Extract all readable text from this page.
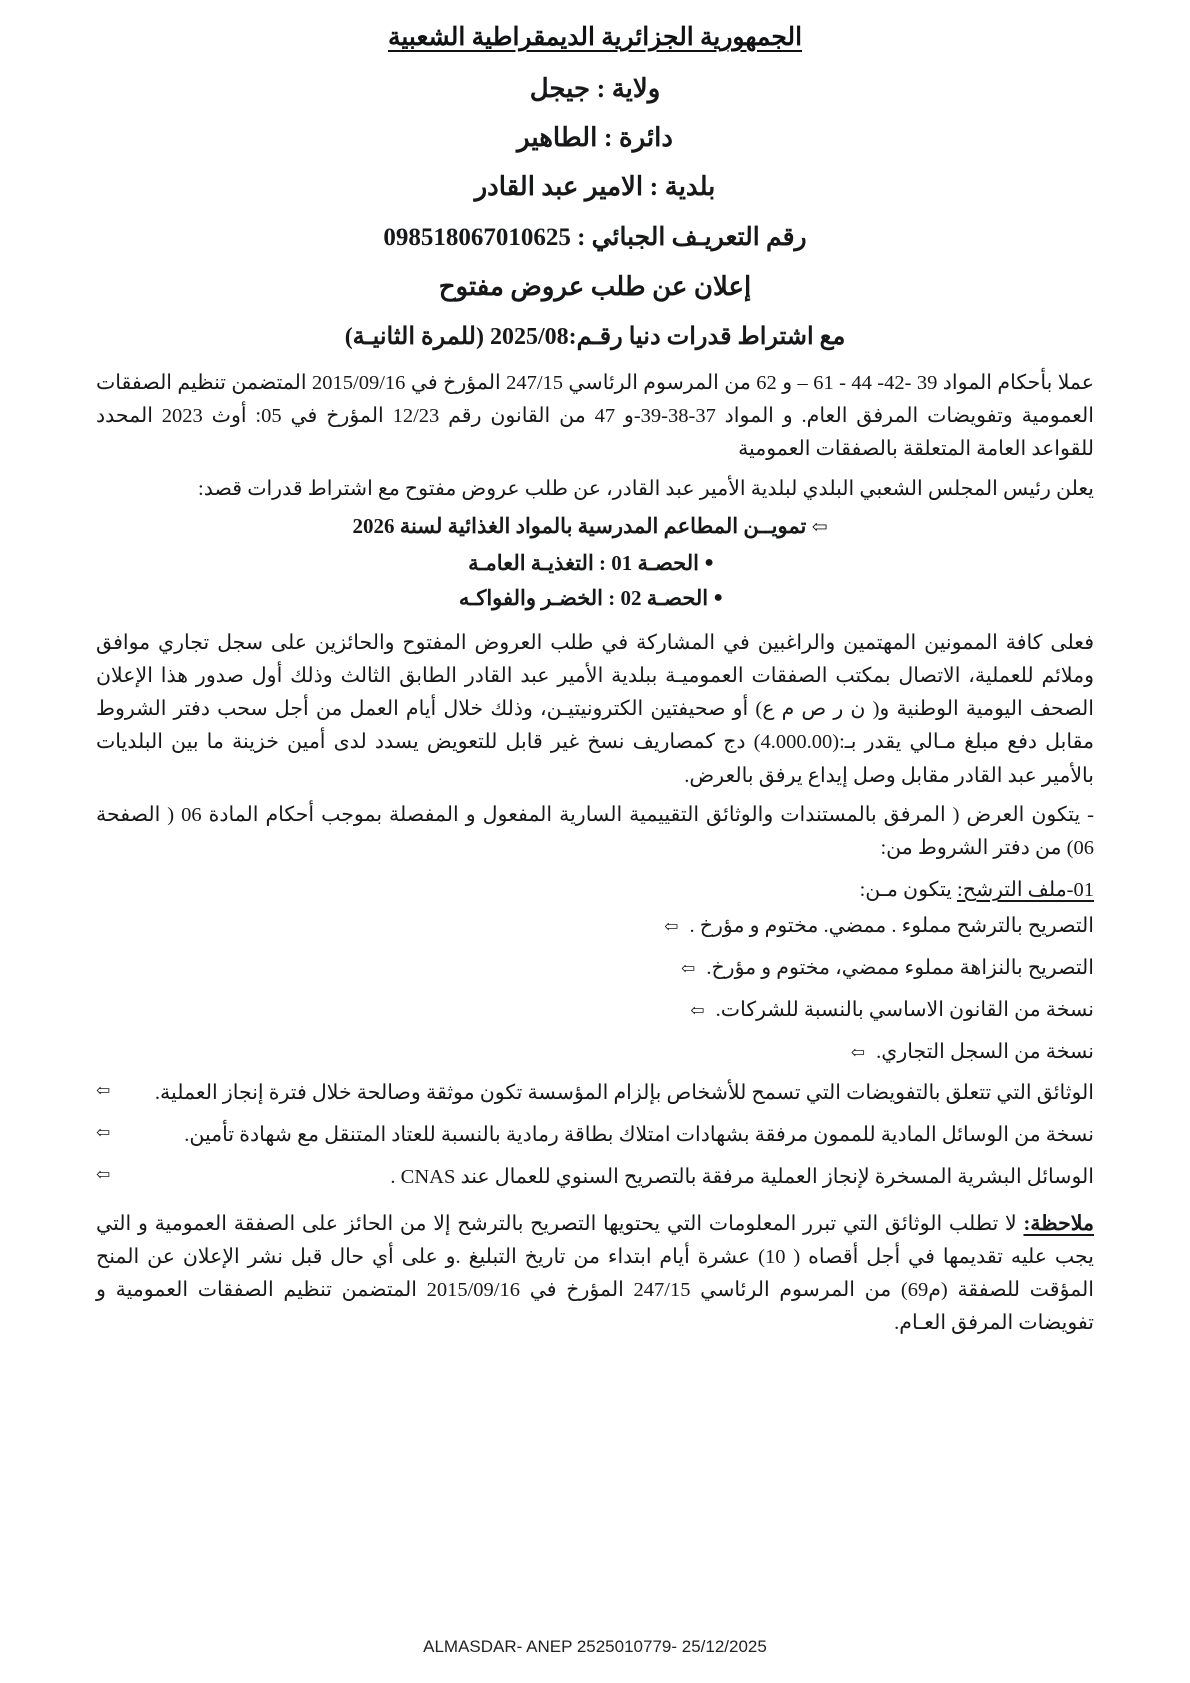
الجمهورية الجزائرية الديمقراطية الشعبية
ولاية : جيجل
دائرة : الطاهير
بلدية : الامير عبد القادر
رقم التعريـف الجبائي : 098518067010625
إعلان عن طلب عروض مفتوح
مع اشتراط قدرات دنيا رقـم:2025/08 (للمرة الثانيـة)

عملا بأحكام المواد 39 -42- 44 - 61 – و 62 من المرسوم الرئاسي 247/15 المؤرخ في 2015/09/16 المتضمن تنظيم الصفقات العمومية وتفويضات المرفق العام. و المواد 37-38-39-و 47 من القانون رقم 12/23 المؤرخ في 05: أوث 2023 المحدد للقواعد العامة المتعلقة بالصفقات العمومية

يعلن رئيس المجلس الشعبي البلدي لبلدية الأمير عبد القادر، عن طلب عروض مفتوح مع اشتراط قدرات قصد:

⇦ تمويــن المطاعم المدرسية بالمواد الغذائية لسنة 2026
● الحصـة 01 : التغذيـة العامـة
● الحصـة 02 : الخضـر والفواكـه

فعلى كافة الممونين المهتمين والراغبين في المشاركة في طلب العروض المفتوح والحائزين على سجل تجاري موافق وملائم للعملية، الاتصال بمكتب الصفقات العموميـة ببلدية الأمير عبد القادر الطابق الثالث وذلك أول صدور هذا الإعلان الصحف اليومية الوطنية و( ن ر ص م ع) أو صحيفتين الكترونيتيـن، وذلك خلال أيام العمل من أجل سحب دفتر الشروط مقابل دفع مبلغ مـالي يقدر بـ:(4.000.00) دج كمصاريف نسخ غير قابل للتعويض يسدد لدى أمين خزينة ما بين البلديات بالأمير عبد القادر مقابل وصل إيداع يرفق بالعرض.

- يتكون العرض ( المرفق بالمستندات والوثائق التقييمية السارية المفعول و المفصلة بموجب أحكام المادة 06 ( الصفحة 06) من دفتر الشروط من:

01-ملف الترشح: يتكون مـن:
التصريح بالترشح مملوء . ممضي. مختوم و مؤرخ . ⇦
التصريح بالنزاهة مملوء ممضي، مختوم و مؤرخ. ⇦
نسخة من القانون الاساسي بالنسبة للشركات. ⇦
نسخة من السجل التجاري. ⇦
⇦ الوثائق التي تتعلق بالتفويضات التي تسمح للأشخاص بإلزام المؤسسة تكون موثقة وصالحة خلال فترة إنجاز العملية.
⇦	نسخة من الوسائل المادية للممون مرفقة بشهادات امتلاك بطاقة رمادية بالنسبة للعتاد المتنقل مع شهادة تأمين.
⇦	الوسائل البشرية المسخرة لإنجاز العملية مرفقة بالتصريح السنوي للعمال عند CNAS .

ملاحظة: لا تطلب الوثائق التي تبرر المعلومات التي يحتويها التصريح بالترشح إلا من الحائز على الصفقة العمومية و التي يجب عليه تقديمها في أجل أقصاه ( 10) عشرة أيام ابتداء من تاريخ التبليغ .و على أي حال قبل نشر الإعلان عن المنح المؤقت للصفقة (م69) من المرسوم الرئاسي 247/15 المؤرخ في 2015/09/16 المتضمن تنظيم الصفقات العمومية و تفويضات المرفق العـام.

ALMASDAR- ANEP 2525010779- 25/12/2025
